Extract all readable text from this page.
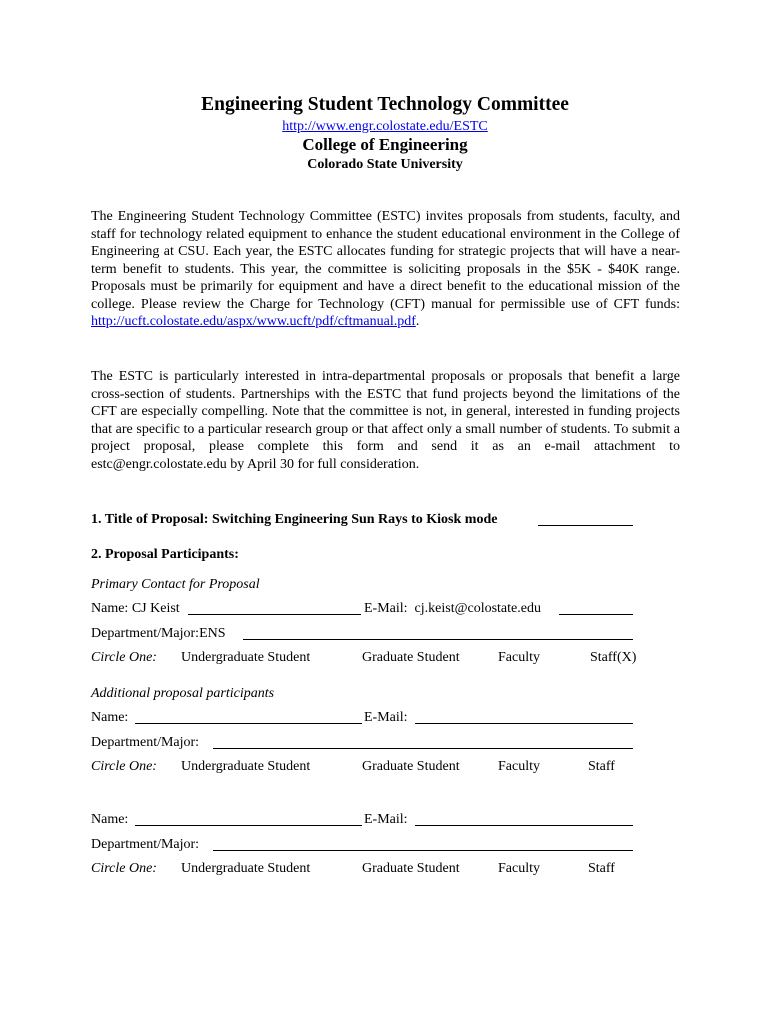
Engineering Student Technology Committee
http://www.engr.colostate.edu/ESTC
College of Engineering
Colorado State University
The Engineering Student Technology Committee (ESTC) invites proposals from students, faculty, and staff for technology related equipment to enhance the student educational environment in the College of Engineering at CSU. Each year, the ESTC allocates funding for strategic projects that will have a near-term benefit to students. This year, the committee is soliciting proposals in the $5K - $40K range. Proposals must be primarily for equipment and have a direct benefit to the educational mission of the college. Please review the Charge for Technology (CFT) manual for permissible use of CFT funds: http://ucft.colostate.edu/aspx/www.ucft/pdf/cftmanual.pdf.
The ESTC is particularly interested in intra-departmental proposals or proposals that benefit a large cross-section of students. Partnerships with the ESTC that fund projects beyond the limitations of the CFT are especially compelling. Note that the committee is not, in general, interested in funding projects that are specific to a particular research group or that affect only a small number of students. To submit a project proposal, please complete this form and send it as an e-mail attachment to estc@engr.colostate.edu by April 30 for full consideration.
1. Title of Proposal: Switching Engineering Sun Rays to Kiosk mode
2. Proposal Participants:
Primary Contact for Proposal
Name: CJ Keist	E-Mail: cj.keist@colostate.edu
Department/Major:ENS
Circle One: Undergraduate Student	Graduate Student	Faculty	Staff(X)
Additional proposal participants
Name:	E-Mail:
Department/Major:
Circle One: Undergraduate Student	Graduate Student	Faculty	Staff
Name:	E-Mail:
Department/Major:
Circle One: Undergraduate Student	Graduate Student	Faculty	Staff
